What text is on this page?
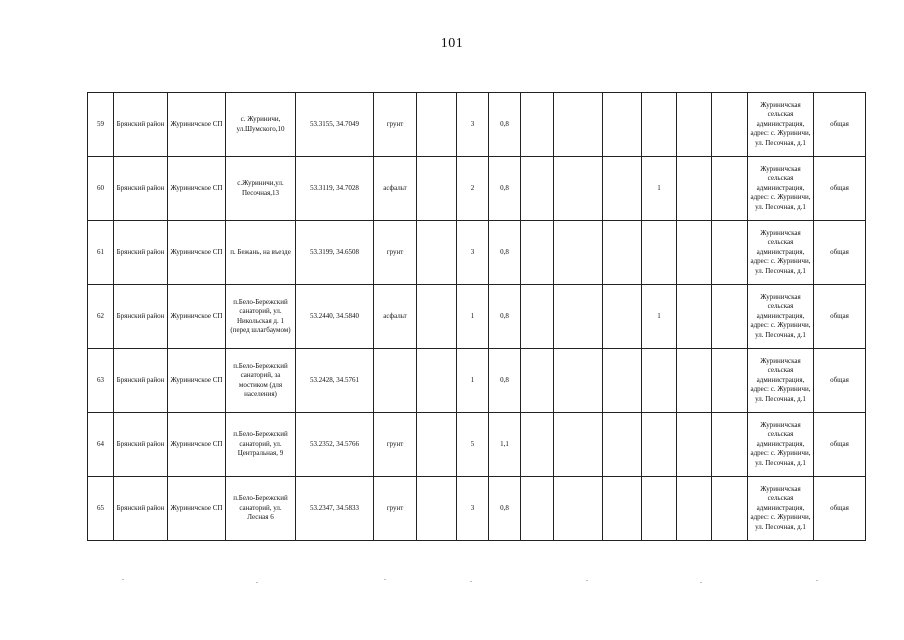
101
59	Брянский район	Журиничское СП	с. Журиничи, ул.Шумского,10	53.3155, 34.7049	грунт		3	0,8							Журиничская сельская администрация, адрес: с. Журиничи, ул. Песочная, д.1	общая
60	Брянский район	Журиничское СП	с.Журиничи,ул. Песочная,13	53.3119, 34.7028	асфальт		2	0,8				1			Журиничская сельская администрация, адрес: с. Журиничи, ул. Песочная, д.1	общая
61	Брянский район	Журиничское СП	п. Бежань, на въезде	53.3199, 34.6508	грунт		3	0,8							Журиничская сельская администрация, адрес: с. Журиничи, ул. Песочная, д.1	общая
62	Брянский район	Журиничское СП	п.Бело-Бережский санаторий, ул. Никольская д. 1 (перед шлагбаумом)	53.2440, 34.5840	асфальт		1	0,8				1			Журиничская сельская администрация, адрес: с. Журиничи, ул. Песочная, д.1	общая
63	Брянский район	Журиничское СП	п.Бело-Бережский санаторий, за мостиком (для населения)	53.2428, 34.5761			1	0,8							Журиничская сельская администрация, адрес: с. Журиничи, ул. Песочная, д.1	общая
64	Брянский район	Журиничское СП	п.Бело-Бережский санаторий, ул. Центральная, 9	53.2352, 34.5766	грунт		5	1,1							Журиничская сельская администрация, адрес: с. Журиничи, ул. Песочная, д.1	общая
65	Брянский район	Журиничское СП	п.Бело-Бережский санаторий, ул. Лесная 6	53.2347, 34.5833	грунт		3	0,8							Журиничская сельская администрация, адрес: с. Журиничи, ул. Песочная, д.1	общая
